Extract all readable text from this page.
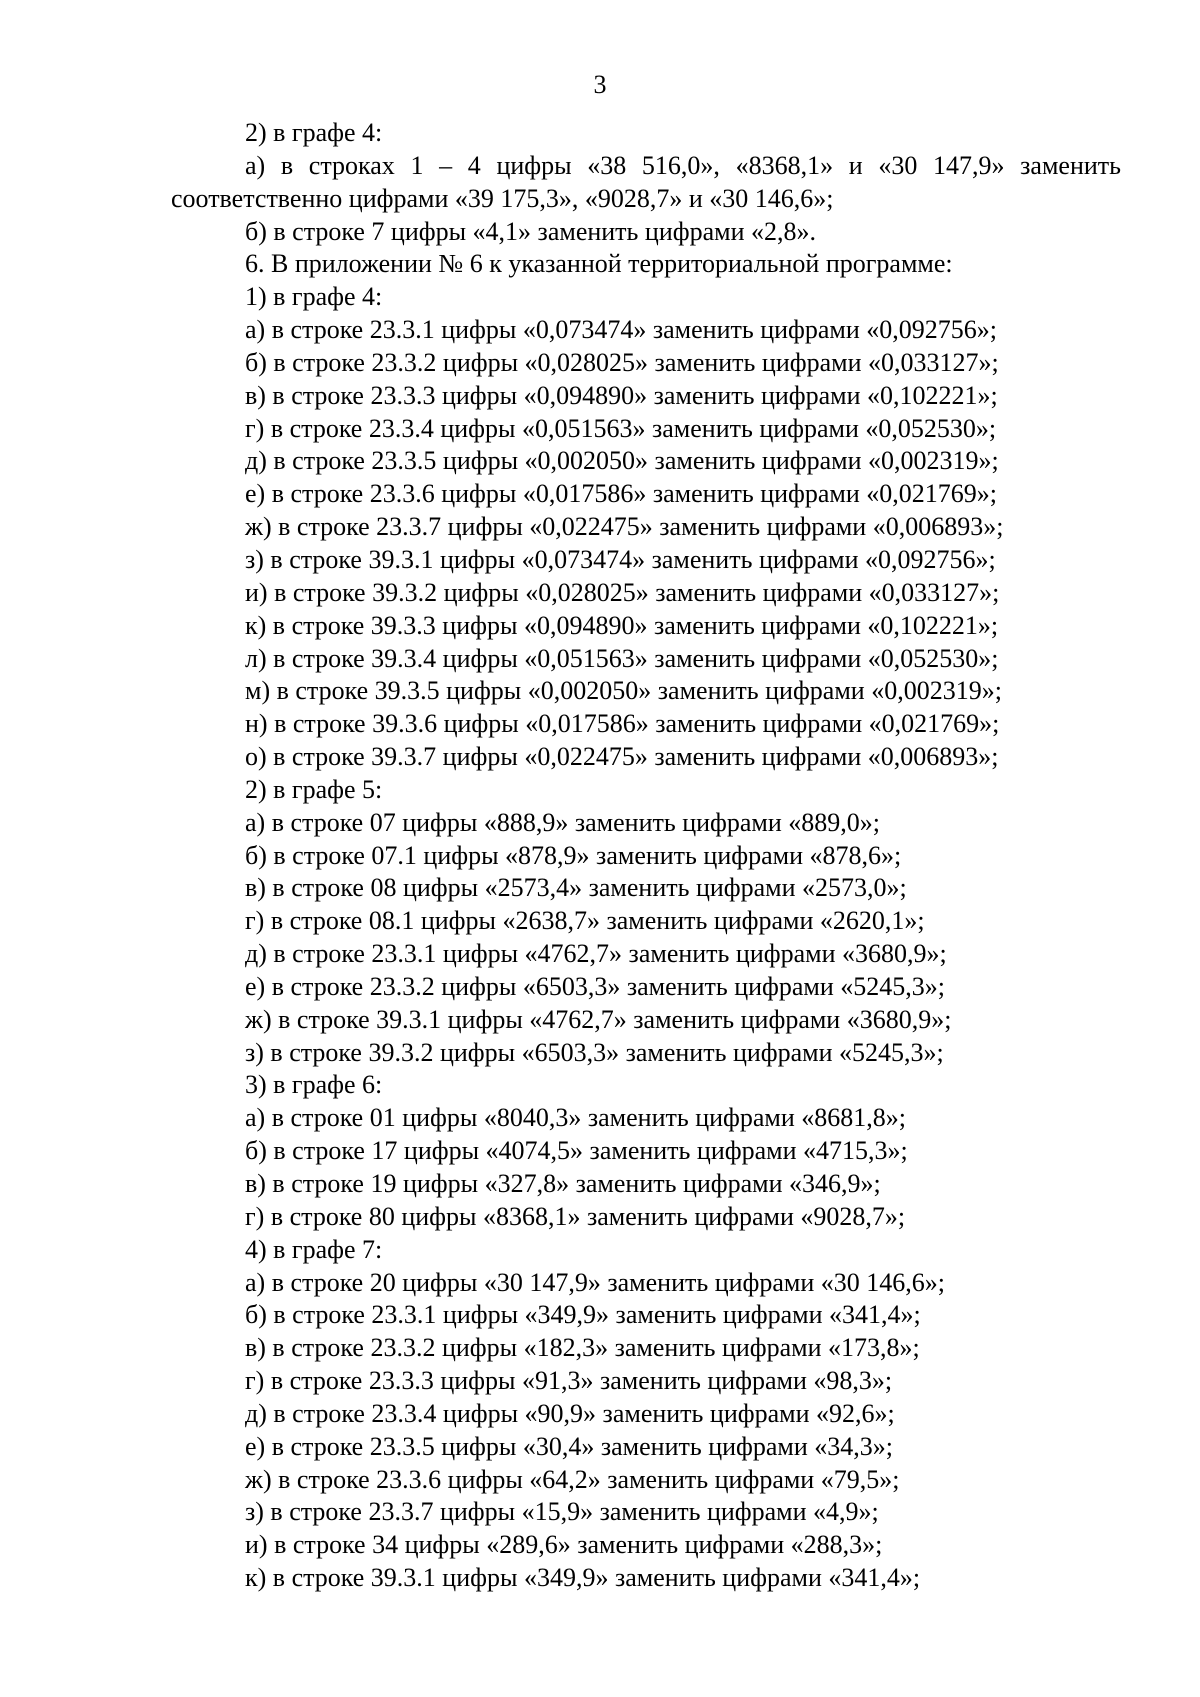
3
2) в графе 4:
а) в строках 1 – 4 цифры «38 516,0», «8368,1» и «30 147,9» заменить
соответственно цифрами «39 175,3», «9028,7» и «30 146,6»;
б) в строке 7 цифры «4,1» заменить цифрами «2,8».
6. В приложении № 6 к указанной территориальной программе:
1) в графе 4:
а) в строке 23.3.1 цифры «0,073474» заменить цифрами «0,092756»;
б) в строке 23.3.2 цифры «0,028025» заменить цифрами «0,033127»;
в) в строке 23.3.3 цифры «0,094890» заменить цифрами «0,102221»;
г) в строке 23.3.4 цифры «0,051563» заменить цифрами «0,052530»;
д) в строке 23.3.5 цифры «0,002050» заменить цифрами «0,002319»;
е) в строке 23.3.6 цифры «0,017586» заменить цифрами «0,021769»;
ж) в строке 23.3.7 цифры «0,022475» заменить цифрами «0,006893»;
з) в строке 39.3.1 цифры «0,073474» заменить цифрами «0,092756»;
и) в строке 39.3.2 цифры «0,028025» заменить цифрами «0,033127»;
к) в строке 39.3.3 цифры «0,094890» заменить цифрами «0,102221»;
л) в строке 39.3.4 цифры «0,051563» заменить цифрами «0,052530»;
м) в строке 39.3.5 цифры «0,002050» заменить цифрами «0,002319»;
н) в строке 39.3.6 цифры «0,017586» заменить цифрами «0,021769»;
о) в строке 39.3.7 цифры «0,022475» заменить цифрами «0,006893»;
2) в графе 5:
а) в строке 07 цифры «888,9» заменить цифрами «889,0»;
б) в строке 07.1 цифры «878,9» заменить цифрами «878,6»;
в) в строке 08 цифры «2573,4» заменить цифрами «2573,0»;
г) в строке 08.1 цифры «2638,7» заменить цифрами «2620,1»;
д) в строке 23.3.1 цифры «4762,7» заменить цифрами «3680,9»;
е) в строке 23.3.2 цифры «6503,3» заменить цифрами «5245,3»;
ж) в строке 39.3.1 цифры «4762,7» заменить цифрами «3680,9»;
з) в строке 39.3.2 цифры «6503,3» заменить цифрами «5245,3»;
3) в графе 6:
а) в строке 01 цифры «8040,3» заменить цифрами «8681,8»;
б) в строке 17 цифры «4074,5» заменить цифрами «4715,3»;
в) в строке 19 цифры «327,8» заменить цифрами «346,9»;
г) в строке 80 цифры «8368,1» заменить цифрами «9028,7»;
4) в графе 7:
а) в строке 20 цифры «30 147,9» заменить цифрами «30 146,6»;
б) в строке 23.3.1 цифры «349,9» заменить цифрами «341,4»;
в) в строке 23.3.2 цифры «182,3» заменить цифрами «173,8»;
г) в строке 23.3.3 цифры «91,3» заменить цифрами «98,3»;
д) в строке 23.3.4 цифры «90,9» заменить цифрами «92,6»;
е) в строке 23.3.5 цифры «30,4» заменить цифрами «34,3»;
ж) в строке 23.3.6 цифры «64,2» заменить цифрами «79,5»;
з) в строке 23.3.7 цифры «15,9» заменить цифрами «4,9»;
и) в строке 34 цифры «289,6» заменить цифрами «288,3»;
к) в строке 39.3.1 цифры «349,9» заменить цифрами «341,4»;
